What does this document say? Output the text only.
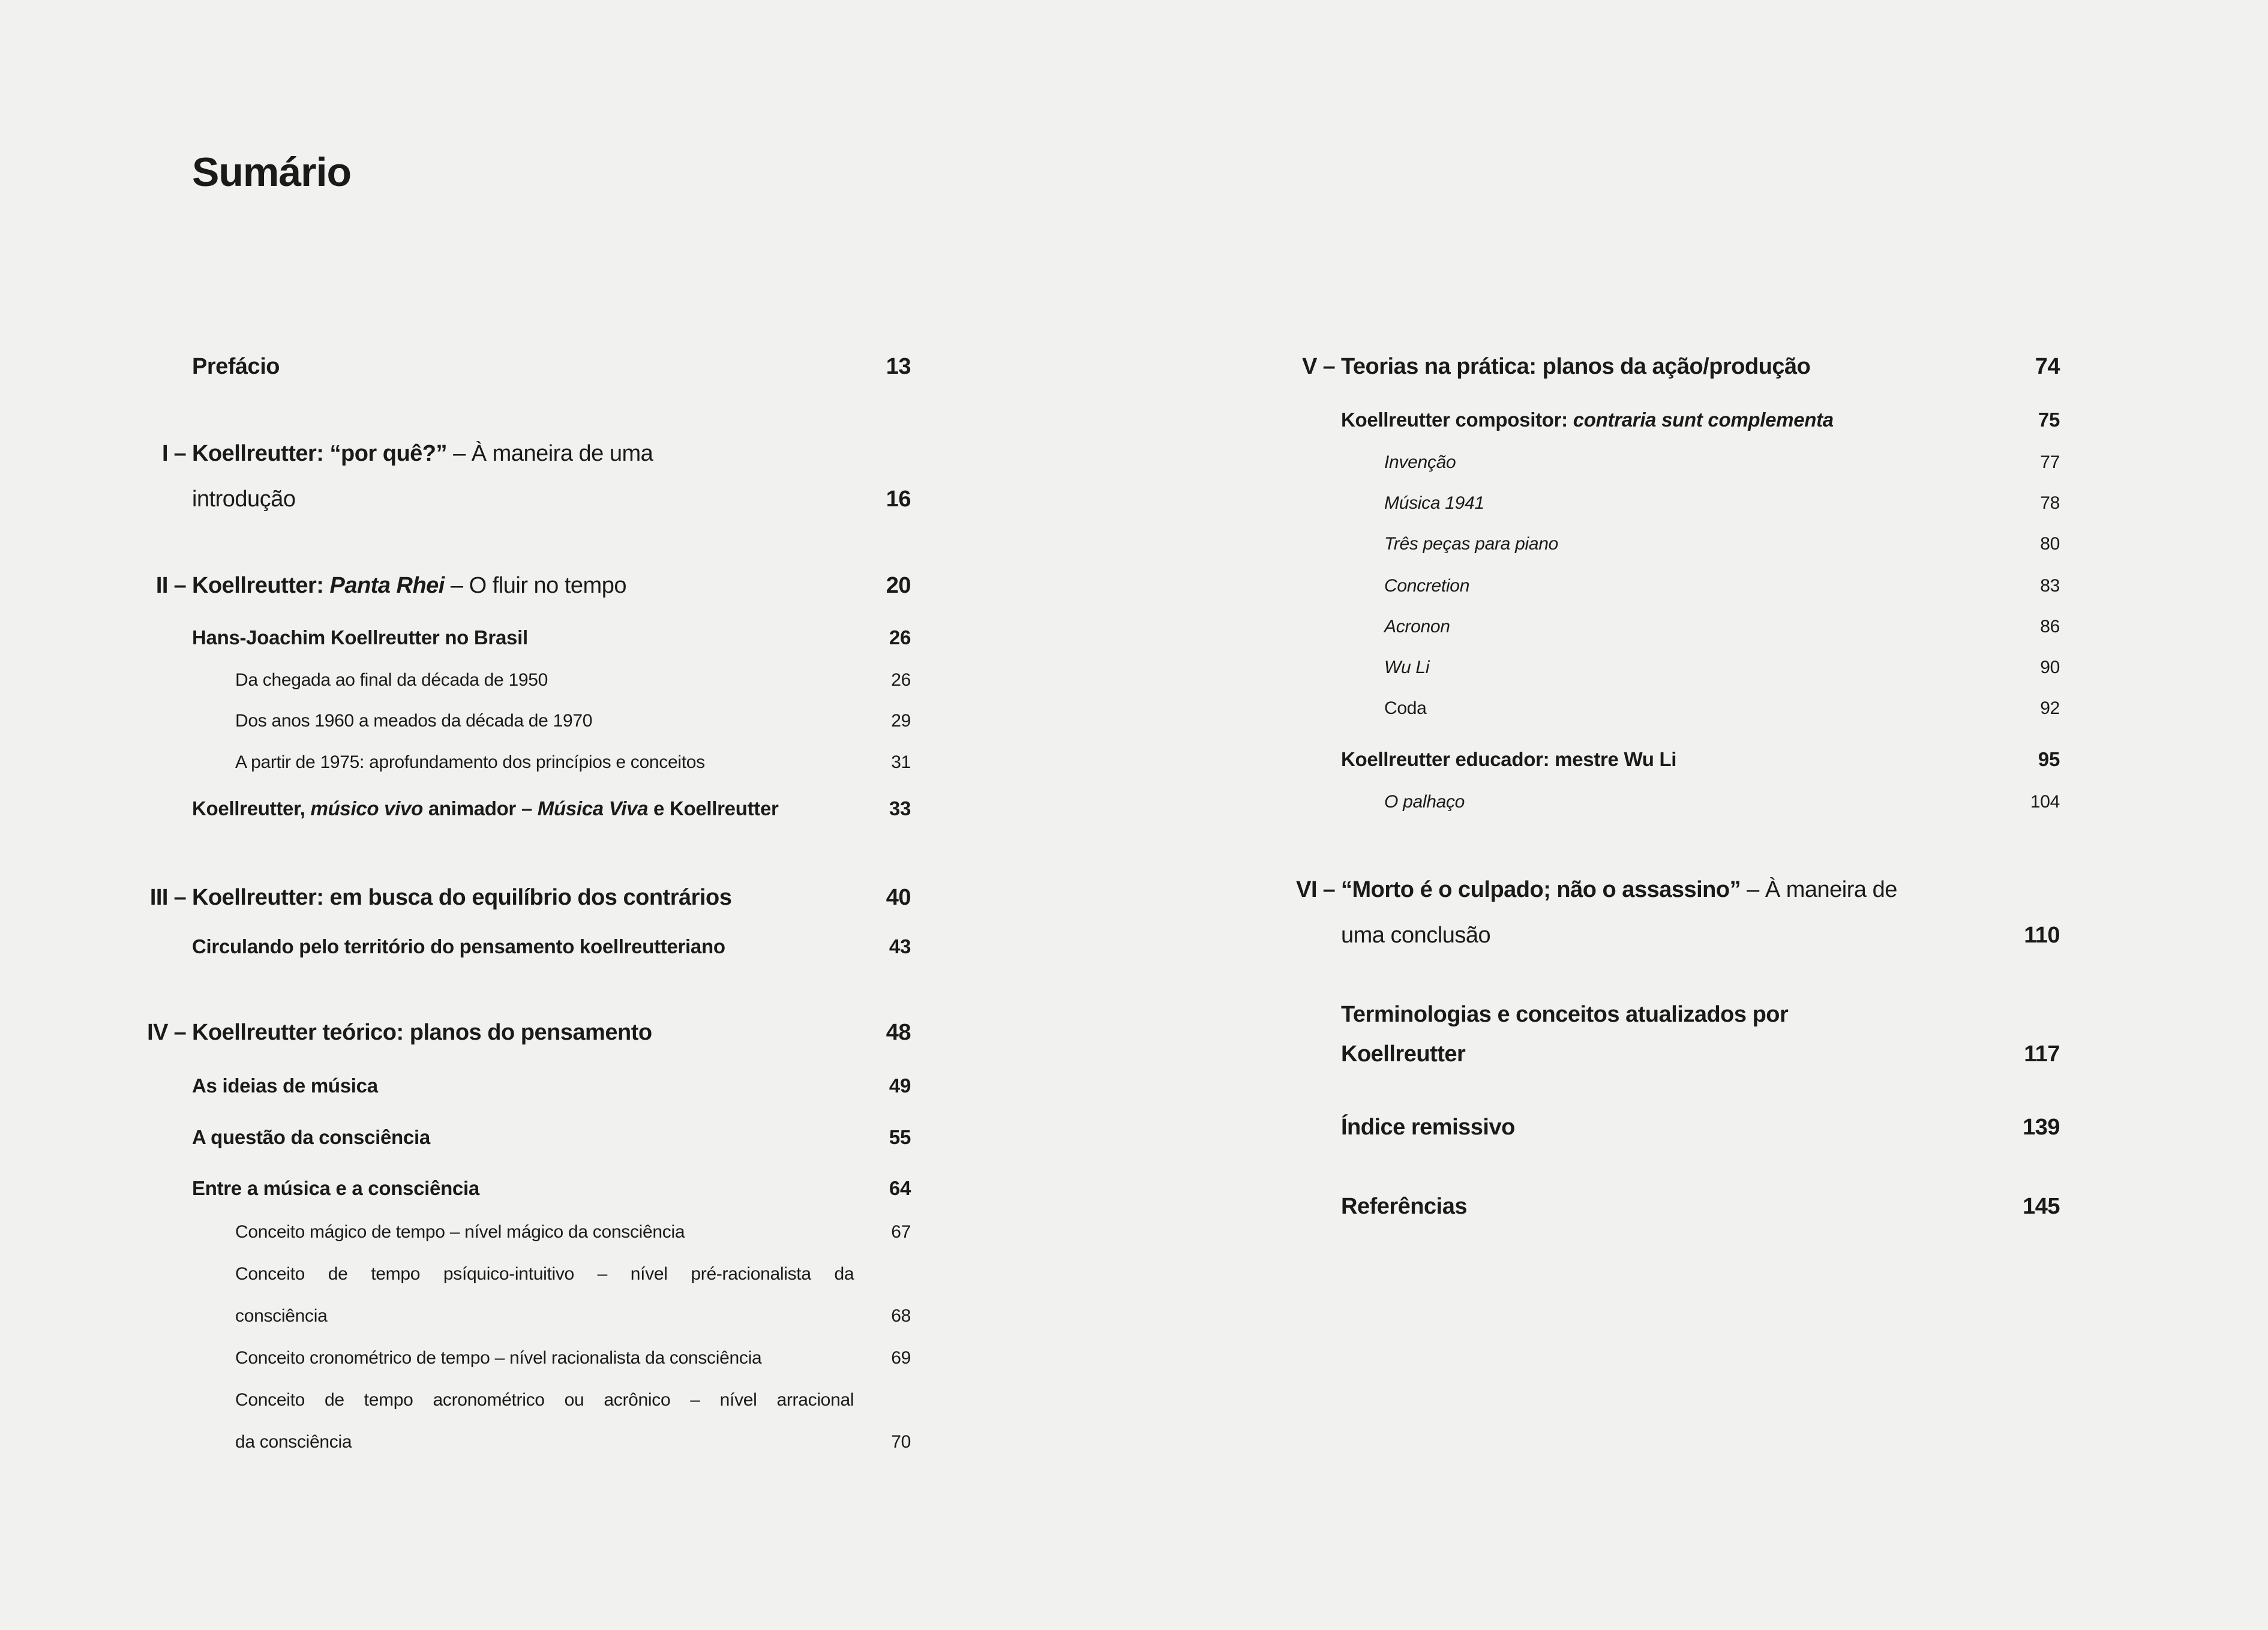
Sumário
Prefácio	13
I – Koellreutter: “por quê?” – À maneira de uma
introdução	16
II – Koellreutter: Panta Rhei – O fluir no tempo	20
Hans-Joachim Koellreutter no Brasil	26
Da chegada ao final da década de 1950	26
Dos anos 1960 a meados da década de 1970	29
A partir de 1975: aprofundamento dos princípios e conceitos	31
Koellreutter, músico vivo animador – Música Viva e Koellreutter	33
III – Koellreutter: em busca do equilíbrio dos contrários	40
Circulando pelo território do pensamento koellreutteriano	43
IV – Koellreutter teórico: planos do pensamento	48
As ideias de música	49
A questão da consciência	55
Entre a música e a consciência	64
Conceito mágico de tempo – nível mágico da consciência	67
Conceito de tempo psíquico-intuitivo – nível pré-racionalista da
consciência	68
Conceito cronométrico de tempo – nível racionalista da consciência	69
Conceito de tempo acronométrico ou acrônico – nível arracional
da consciência	70
V – Teorias na prática: planos da ação/produção	74
Koellreutter compositor: contraria sunt complementa	75
Invenção	77
Música 1941	78
Três peças para piano	80
Concretion	83
Acronon	86
Wu Li	90
Coda	92
Koellreutter educador: mestre Wu Li	95
O palhaço	104
VI – “Morto é o culpado; não o assassino” – À maneira de
uma conclusão	110
Terminologias e conceitos atualizados por
Koellreutter	117
Índice remissivo	139
Referências	145
